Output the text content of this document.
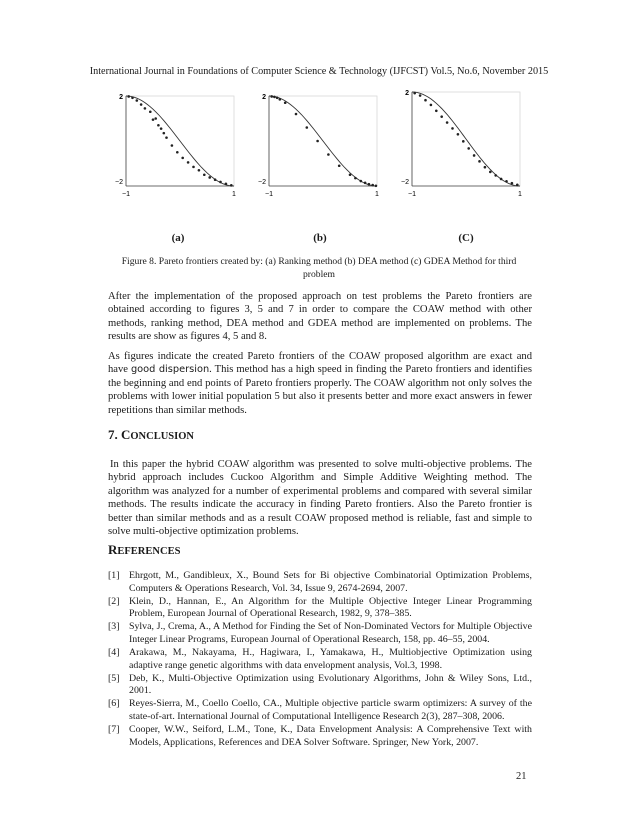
International Journal in Foundations of Computer Science & Technology (IJFCST) Vol.5, No.6, November 2015
2
−2
−1	1
2
−2
−1	1
2
−2
−1	1
(a)	(b)	(C)
Figure 8. Pareto frontiers created by: (a) Ranking method (b) DEA method (c) GDEA Method for third problem
After the implementation of the proposed approach on test problems the Pareto frontiers are obtained according to figures 3, 5 and 7 in order to compare the COAW method with other methods, ranking method, DEA method and GDEA method are implemented on problems. The results are show as figures 4, 5 and 8.
As figures indicate the created Pareto frontiers of the COAW proposed algorithm are exact and have good dispersion. This method has a high speed in finding the Pareto frontiers and identifies the beginning and end points of Pareto frontiers properly. The COAW algorithm not only solves the problems with lower initial population 5 but also it presents better and more exact answers in fewer repetitions than similar methods.
7. CONCLUSION
In this paper the hybrid COAW algorithm was presented to solve multi-objective problems. The hybrid approach includes Cuckoo Algorithm and Simple Additive Weighting method. The algorithm was analyzed for a number of experimental problems and compared with several similar methods. The results indicate the accuracy in finding Pareto frontiers. Also the Pareto frontier is better than similar methods and as a result COAW proposed method is reliable, fast and simple to solve multi-objective optimization problems.
REFERENCES
[1] Ehrgott, M., Gandibleux, X., Bound Sets for Bi objective Combinatorial Optimization Problems, Computers & Operations Research, Vol. 34, Issue 9, 2674-2694, 2007.
[2] Klein, D., Hannan, E., An Algorithm for the Multiple Objective Integer Linear Programming Problem, European Journal of Operational Research, 1982, 9, 378–385.
[3] Sylva, J., Crema, A., A Method for Finding the Set of Non-Dominated Vectors for Multiple Objective Integer Linear Programs, European Journal of Operational Research, 158, pp. 46–55, 2004.
[4] Arakawa, M., Nakayama, H., Hagiwara, I., Yamakawa, H., Multiobjective Optimization using adaptive range genetic algorithms with data envelopment analysis, Vol.3, 1998.
[5] Deb, K., Multi-Objective Optimization using Evolutionary Algorithms, John & Wiley Sons, Ltd., 2001.
[6] Reyes-Sierra, M., Coello Coello, CA., Multiple objective particle swarm optimizers: A survey of the state-of-art. International Journal of Computational Intelligence Research 2(3), 287–308, 2006.
[7] Cooper, W.W., Seiford, L.M., Tone, K., Data Envelopment Analysis: A Comprehensive Text with Models, Applications, References and DEA Solver Software. Springer, New York, 2007.
21
